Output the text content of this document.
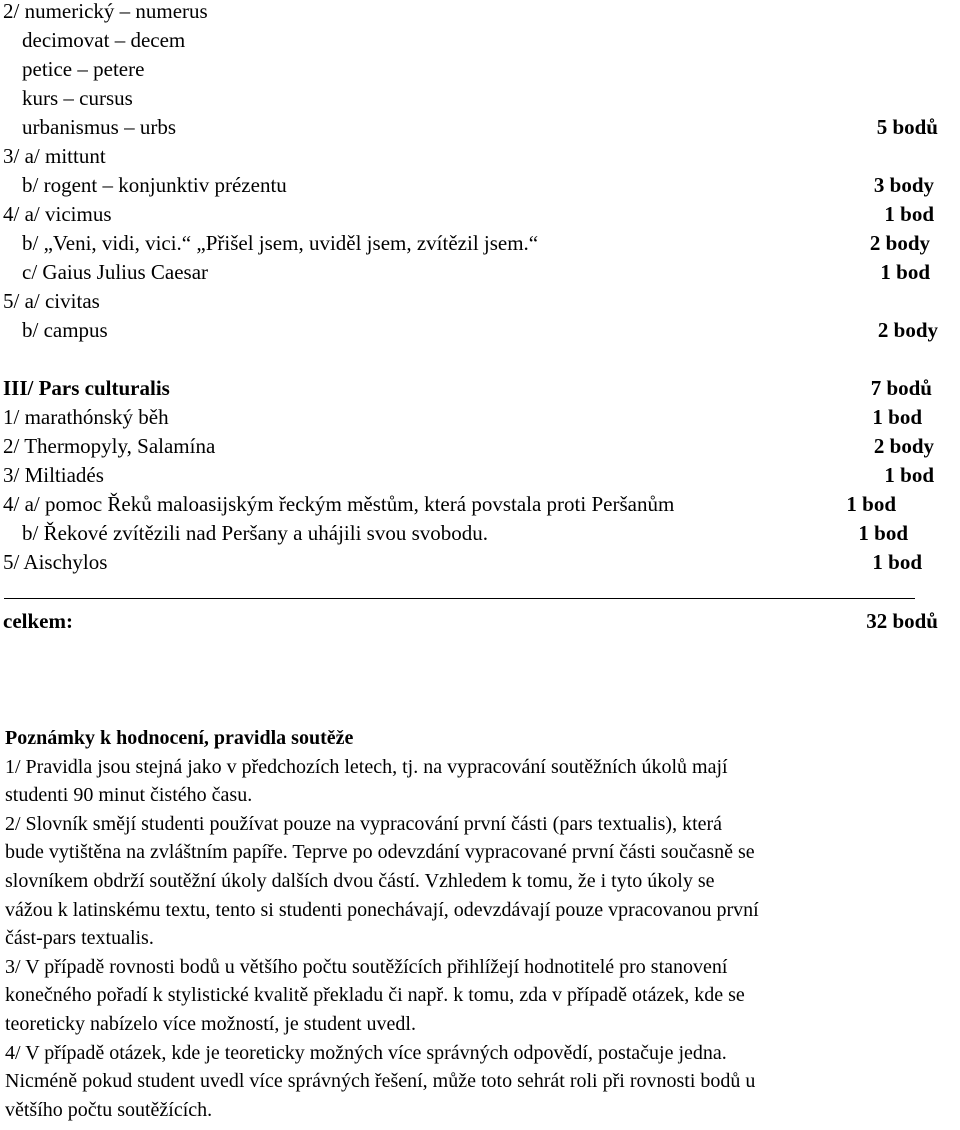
2/ numerický – numerus
decimovat – decem
petice – petere
kurs – cursus
urbanismus – urbs	5 bodů
3/ a/ mittunt
b/ rogent – konjunktiv prézentu	3 body
4/ a/ vicimus	1 bod
b/ „Veni, vidi, vici.“ „Přišel jsem, uviděl jsem, zvítězil jsem.“	2 body
c/ Gaius Julius Caesar	1 bod
5/ a/ civitas
b/ campus	2 body
III/ Pars culturalis	7 bodů
1/ marathónský běh	1 bod
2/ Thermopyly, Salamína	2 body
3/ Miltiadés	1 bod
4/ a/ pomoc Řeků maloasijským řeckým městům, která povstala proti Peršanům	1 bod
b/ Řekové zvítězili nad Peršany a uhájili svou svobodu.	1 bod
5/ Aischylos	1 bod
celkem:	32 bodů
Poznámky k hodnocení, pravidla soutěže
1/ Pravidla jsou stejná jako v předchozích letech, tj. na vypracování soutěžních úkolů mají
studenti 90 minut čistého času.
2/ Slovník smějí studenti používat pouze na vypracování první části (pars textualis), která
bude vytištěna na zvláštním papíře. Teprve po odevzdání vypracované první části současně se
slovníkem obdrží soutěžní úkoly dalších dvou částí. Vzhledem k tomu, že i tyto úkoly se
vážou k latinskému textu, tento si studenti ponechávají, odevzdávají pouze vpracovanou první
část-pars textualis.
3/ V případě rovnosti bodů u většího počtu soutěžících přihlížejí hodnotitelé pro stanovení
konečného pořadí k stylistické kvalitě překladu či např. k tomu, zda v případě otázek, kde se
teoreticky nabízelo více možností, je student uvedl.
4/ V případě otázek, kde je teoreticky možných více správných odpovědí, postačuje jedna.
Nicméně pokud student uvedl více správných řešení, může toto sehrát roli při rovnosti bodů u
většího počtu soutěžících.
